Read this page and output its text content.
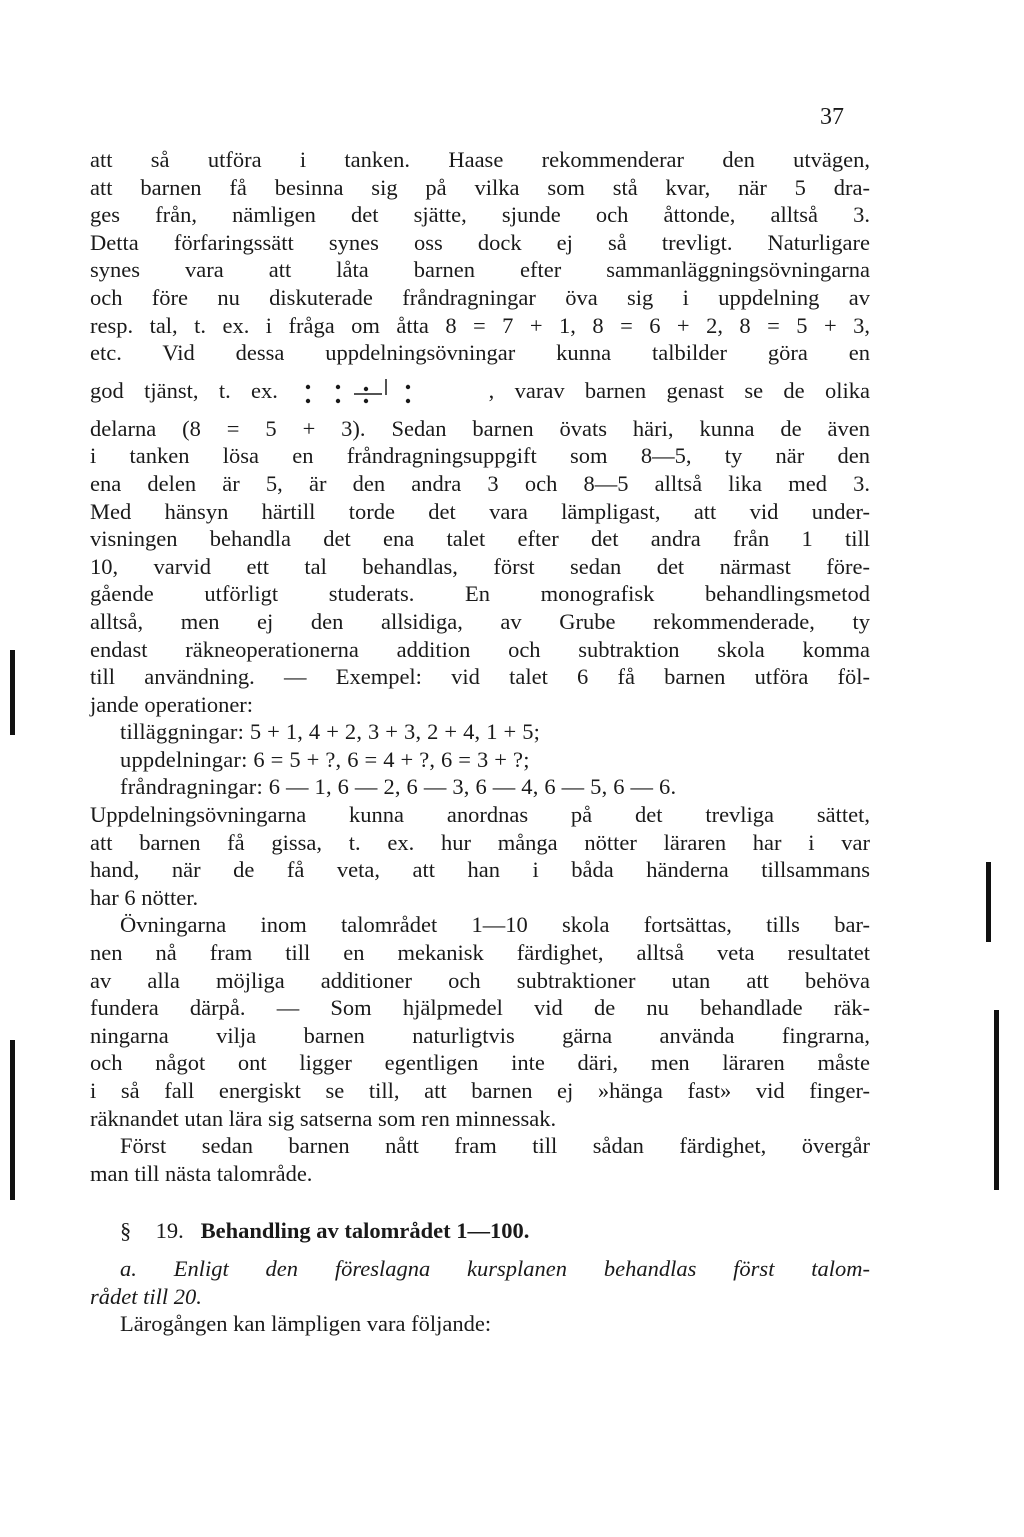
37
att så utföra i tanken. Haase rekommenderar den utvägen,
att barnen få besinna sig på vilka som stå kvar, när 5 dra-
ges från, nämligen det sjätte, sjunde och åttonde, alltså 3.
Detta förfaringssätt synes oss dock ej så trevligt. Naturligare
synes vara att låta barnen efter sammanläggningsövningarna
och före nu diskuterade fråndragningar öva sig i uppdelning av
resp. tal, t. ex. i fråga om åtta 8 = 7 + 1, 8 = 6 + 2, 8 = 5 + 3,
etc. Vid dessa uppdelningsövningar kunna talbilder göra en
god tjänst, t. ex.	, varav barnen genast se de olika
delarna (8 = 5 + 3). Sedan barnen övats häri, kunna de även
i tanken lösa en fråndragningsuppgift som 8—5, ty när den
ena delen är 5, är den andra 3 och 8—5 alltså lika med 3.
Med hänsyn härtill torde det vara lämpligast, att vid under-
visningen behandla det ena talet efter det andra från 1 till
10, varvid ett tal behandlas, först sedan det närmast före-
gående utförligt studerats. En monografisk behandlingsmetod
alltså, men ej den allsidiga, av Grube rekommenderade, ty
endast räkneoperationerna addition och subtraktion skola komma
till användning. — Exempel: vid talet 6 få barnen utföra föl-
jande operationer:
tilläggningar: 5 + 1, 4 + 2, 3 + 3, 2 + 4, 1 + 5;
uppdelningar: 6 = 5 + ?, 6 = 4 + ?, 6 = 3 + ?;
fråndragningar: 6 — 1, 6 — 2, 6 — 3, 6 — 4, 6 — 5, 6 — 6.
Uppdelningsövningarna kunna anordnas på det trevliga sättet,
att barnen få gissa, t. ex. hur många nötter läraren har i var
hand, när de få veta, att han i båda händerna tillsammans
har 6 nötter.
Övningarna inom talområdet 1—10 skola fortsättas, tills bar-
nen nå fram till en mekanisk färdighet, alltså veta resultatet
av alla möjliga additioner och subtraktioner utan att behöva
fundera därpå. — Som hjälpmedel vid de nu behandlade räk-
ningarna vilja barnen naturligtvis gärna använda fingrarna,
och något ont ligger egentligen inte däri, men läraren måste
i så fall energiskt se till, att barnen ej »hänga fast» vid finger-
räknandet utan lära sig satserna som ren minnessak.
Först sedan barnen nått fram till sådan färdighet, övergår
man till nästa talområde.
§ 19. Behandling av talområdet 1—100.
a. Enligt den föreslagna kursplanen behandlas först talom-
rådet till 20.
Lärogången kan lämpligen vara följande:
